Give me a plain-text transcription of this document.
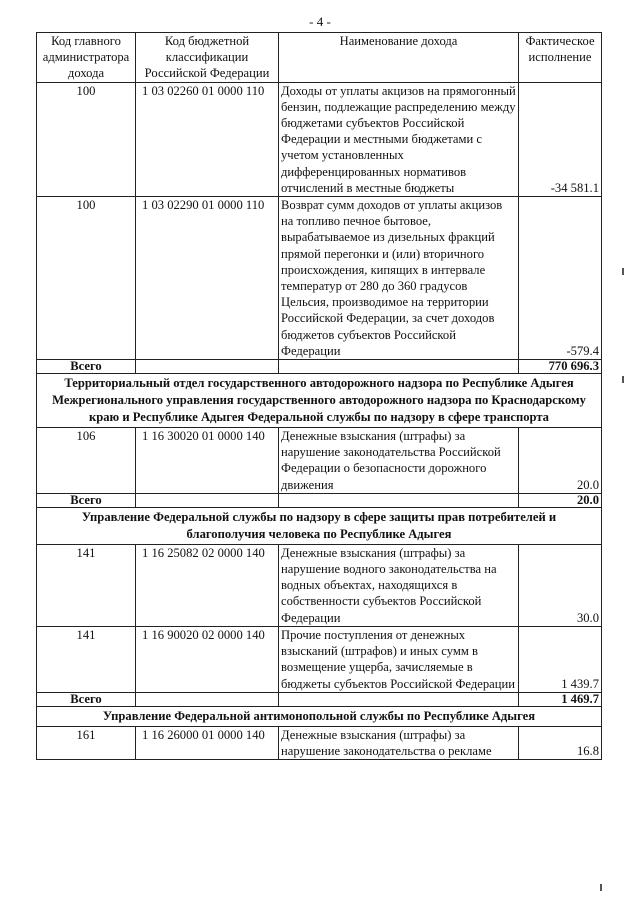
- 4 -
Код главного администратора дохода	Код бюджетной классификации Российской Федерации	Наименование дохода	Фактическое исполнение
100	1 03 02260 01 0000 110	Доходы от уплаты акцизов на прямогонный бензин, подлежащие распределению между бюджетами субъектов Российской Федерации и местными бюджетами с учетом установленных дифференцированных нормативов отчислений в местные бюджеты	-34 581.1
100	1 03 02290 01 0000 110	Возврат сумм доходов от уплаты акцизов на топливо печное бытовое, вырабатываемое из дизельных фракций прямой перегонки и (или) вторичного происхождения, кипящих в интервале температур от 280 до 360 градусов Цельсия, производимое на территории Российской Федерации, за счет доходов бюджетов субъектов Российской Федерации	-579.4
Всего			770 696.3
Территориальный отдел государственного автодорожного надзора по Республике Адыгея Межрегионального управления государственного автодорожного надзора по Краснодарскому краю и Республике Адыгея Федеральной службы по надзору в сфере транспорта			
106	1 16 30020 01 0000 140	Денежные взыскания (штрафы) за нарушение законодательства Российской Федерации о безопасности дорожного движения	20.0
Всего			20.0
Управление Федеральной службы по надзору в сфере защиты прав потребителей и благополучия человека по Республике Адыгея			
141	1 16 25082 02 0000 140	Денежные взыскания (штрафы) за нарушение водного законодательства на водных объектах, находящихся в собственности субъектов Российской Федерации	30.0
141	1 16 90020 02 0000 140	Прочие поступления от денежных взысканий (штрафов) и иных сумм в возмещение ущерба, зачисляемые в бюджеты субъектов Российской Федерации	1 439.7
Всего			1 469.7
Управление Федеральной антимонопольной службы по Республике Адыгея			
161	1 16 26000 01 0000 140	Денежные взыскания (штрафы) за нарушение законодательства о рекламе	16.8
